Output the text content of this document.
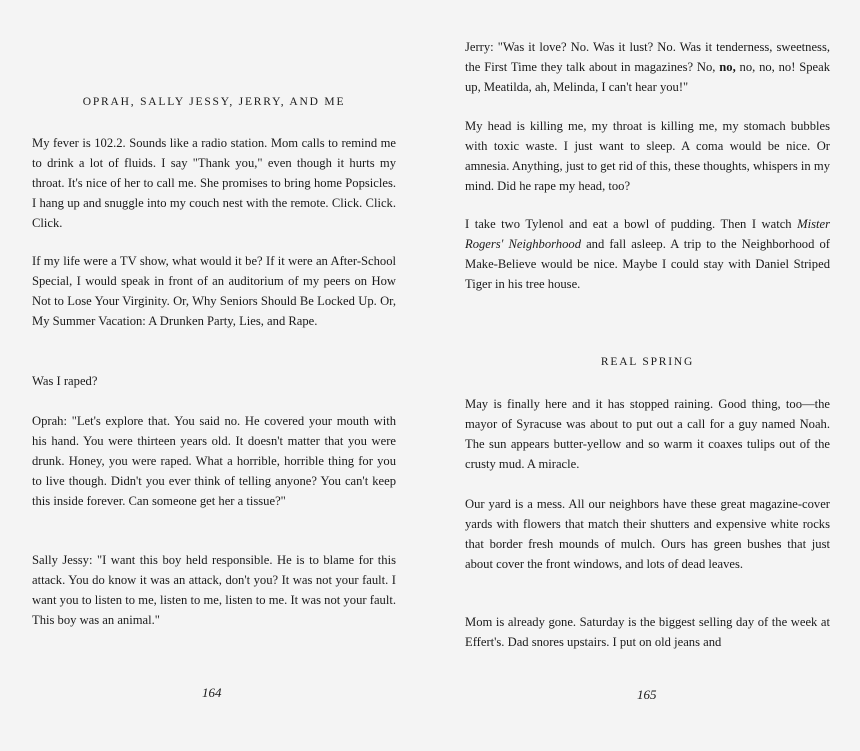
OPRAH, SALLY JESSY, JERRY, AND ME

My fever is 102.2. Sounds like a radio station. Mom calls to remind me to drink a lot of fluids. I say "Thank you," even though it hurts my throat. It's nice of her to call me. She promises to bring home Popsicles. I hang up and snuggle into my couch nest with the remote. Click. Click. Click.

If my life were a TV show, what would it be? If it were an After-School Special, I would speak in front of an auditorium of my peers on How Not to Lose Your Virginity. Or, Why Seniors Should Be Locked Up. Or, My Summer Vacation: A Drunken Party, Lies, and Rape.

Was I raped?

Oprah: "Let's explore that. You said no. He covered your mouth with his hand. You were thirteen years old. It doesn't matter that you were drunk. Honey, you were raped. What a horrible, horrible thing for you to live though. Didn't you ever think of telling anyone? You can't keep this inside forever. Can someone get her a tissue?"

Sally Jessy: "I want this boy held responsible. He is to blame for this attack. You do know it was an attack, don't you? It was not your fault. I want you to listen to me, listen to me, listen to me. It was not your fault. This boy was an animal."

164

Jerry: "Was it love? No. Was it lust? No. Was it tenderness, sweetness, the First Time they talk about in magazines? No, no, no, no, no! Speak up, Meatilda, ah, Melinda, I can't hear you!"

My head is killing me, my throat is killing me, my stomach bubbles with toxic waste. I just want to sleep. A coma would be nice. Or amnesia. Anything, just to get rid of this, these thoughts, whispers in my mind. Did he rape my head, too?

I take two Tylenol and eat a bowl of pudding. Then I watch Mister Rogers' Neighborhood and fall asleep. A trip to the Neighborhood of Make-Believe would be nice. Maybe I could stay with Daniel Striped Tiger in his tree house.

REAL SPRING

May is finally here and it has stopped raining. Good thing, too—the mayor of Syracuse was about to put out a call for a guy named Noah. The sun appears butter-yellow and so warm it coaxes tulips out of the crusty mud. A miracle.

Our yard is a mess. All our neighbors have these great magazine-cover yards with flowers that match their shutters and expensive white rocks that border fresh mounds of mulch. Ours has green bushes that just about cover the front windows, and lots of dead leaves.

Mom is already gone. Saturday is the biggest selling day of the week at Effert's. Dad snores upstairs. I put on old jeans and

165
